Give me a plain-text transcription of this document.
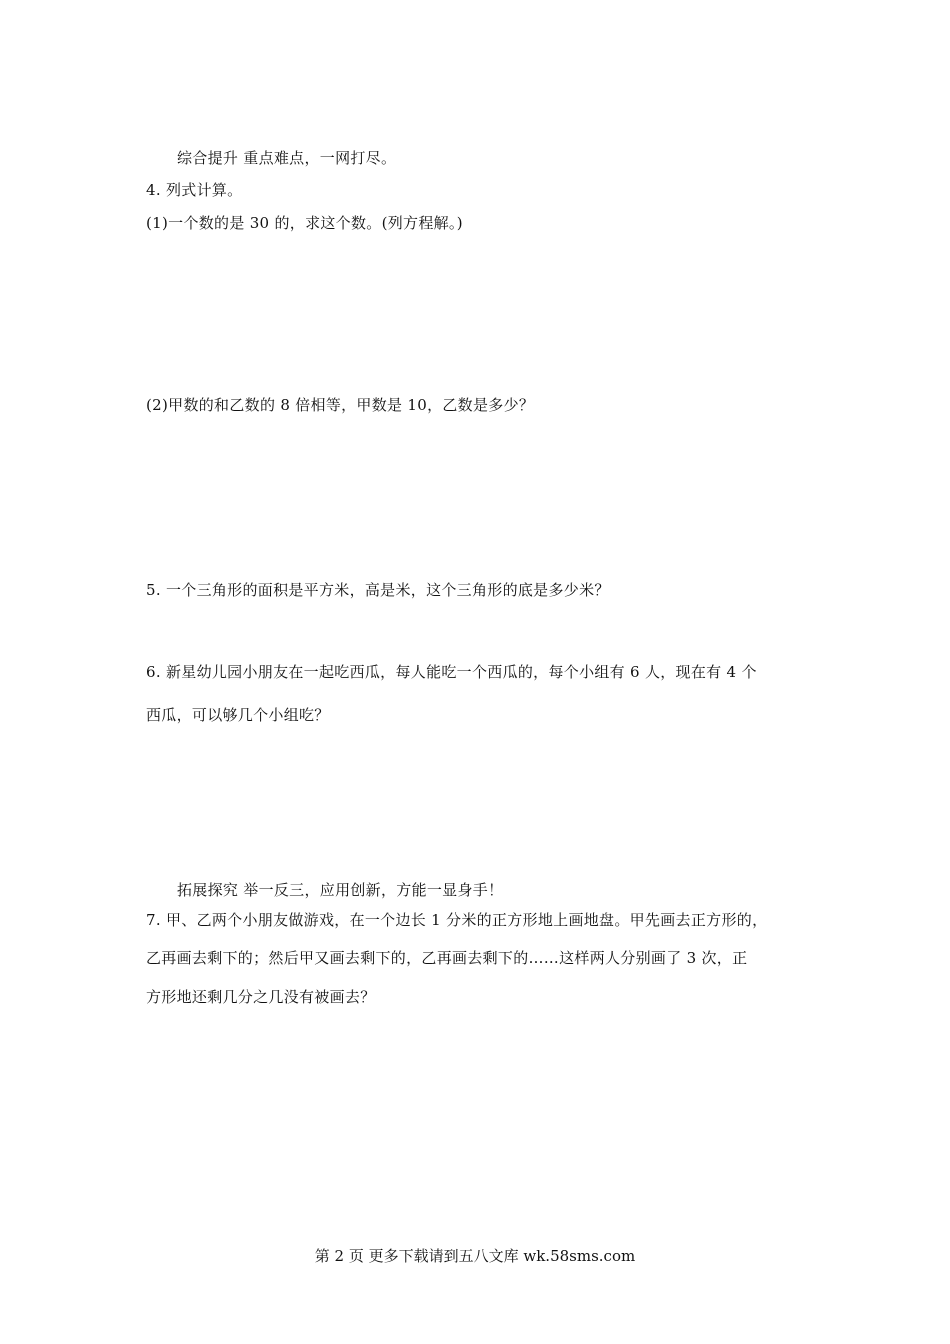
综合提升 重点难点，一网打尽。
4. 列式计算。
(1)一个数的是 30 的，求这个数。(列方程解。)
(2)甲数的和乙数的 8 倍相等，甲数是 10，乙数是多少？
5. 一个三角形的面积是平方米，高是米，这个三角形的底是多少米？
6. 新星幼儿园小朋友在一起吃西瓜，每人能吃一个西瓜的，每个小组有 6 人，现在有 4 个
西瓜，可以够几个小组吃？
拓展探究 举一反三，应用创新，方能一显身手！
7. 甲、乙两个小朋友做游戏，在一个边长 1 分米的正方形地上画地盘。甲先画去正方形的，
乙再画去剩下的；然后甲又画去剩下的，乙再画去剩下的……这样两人分别画了 3 次，正
方形地还剩几分之几没有被画去？
第 2 页 更多下载请到五八文库 wk.58sms.com
